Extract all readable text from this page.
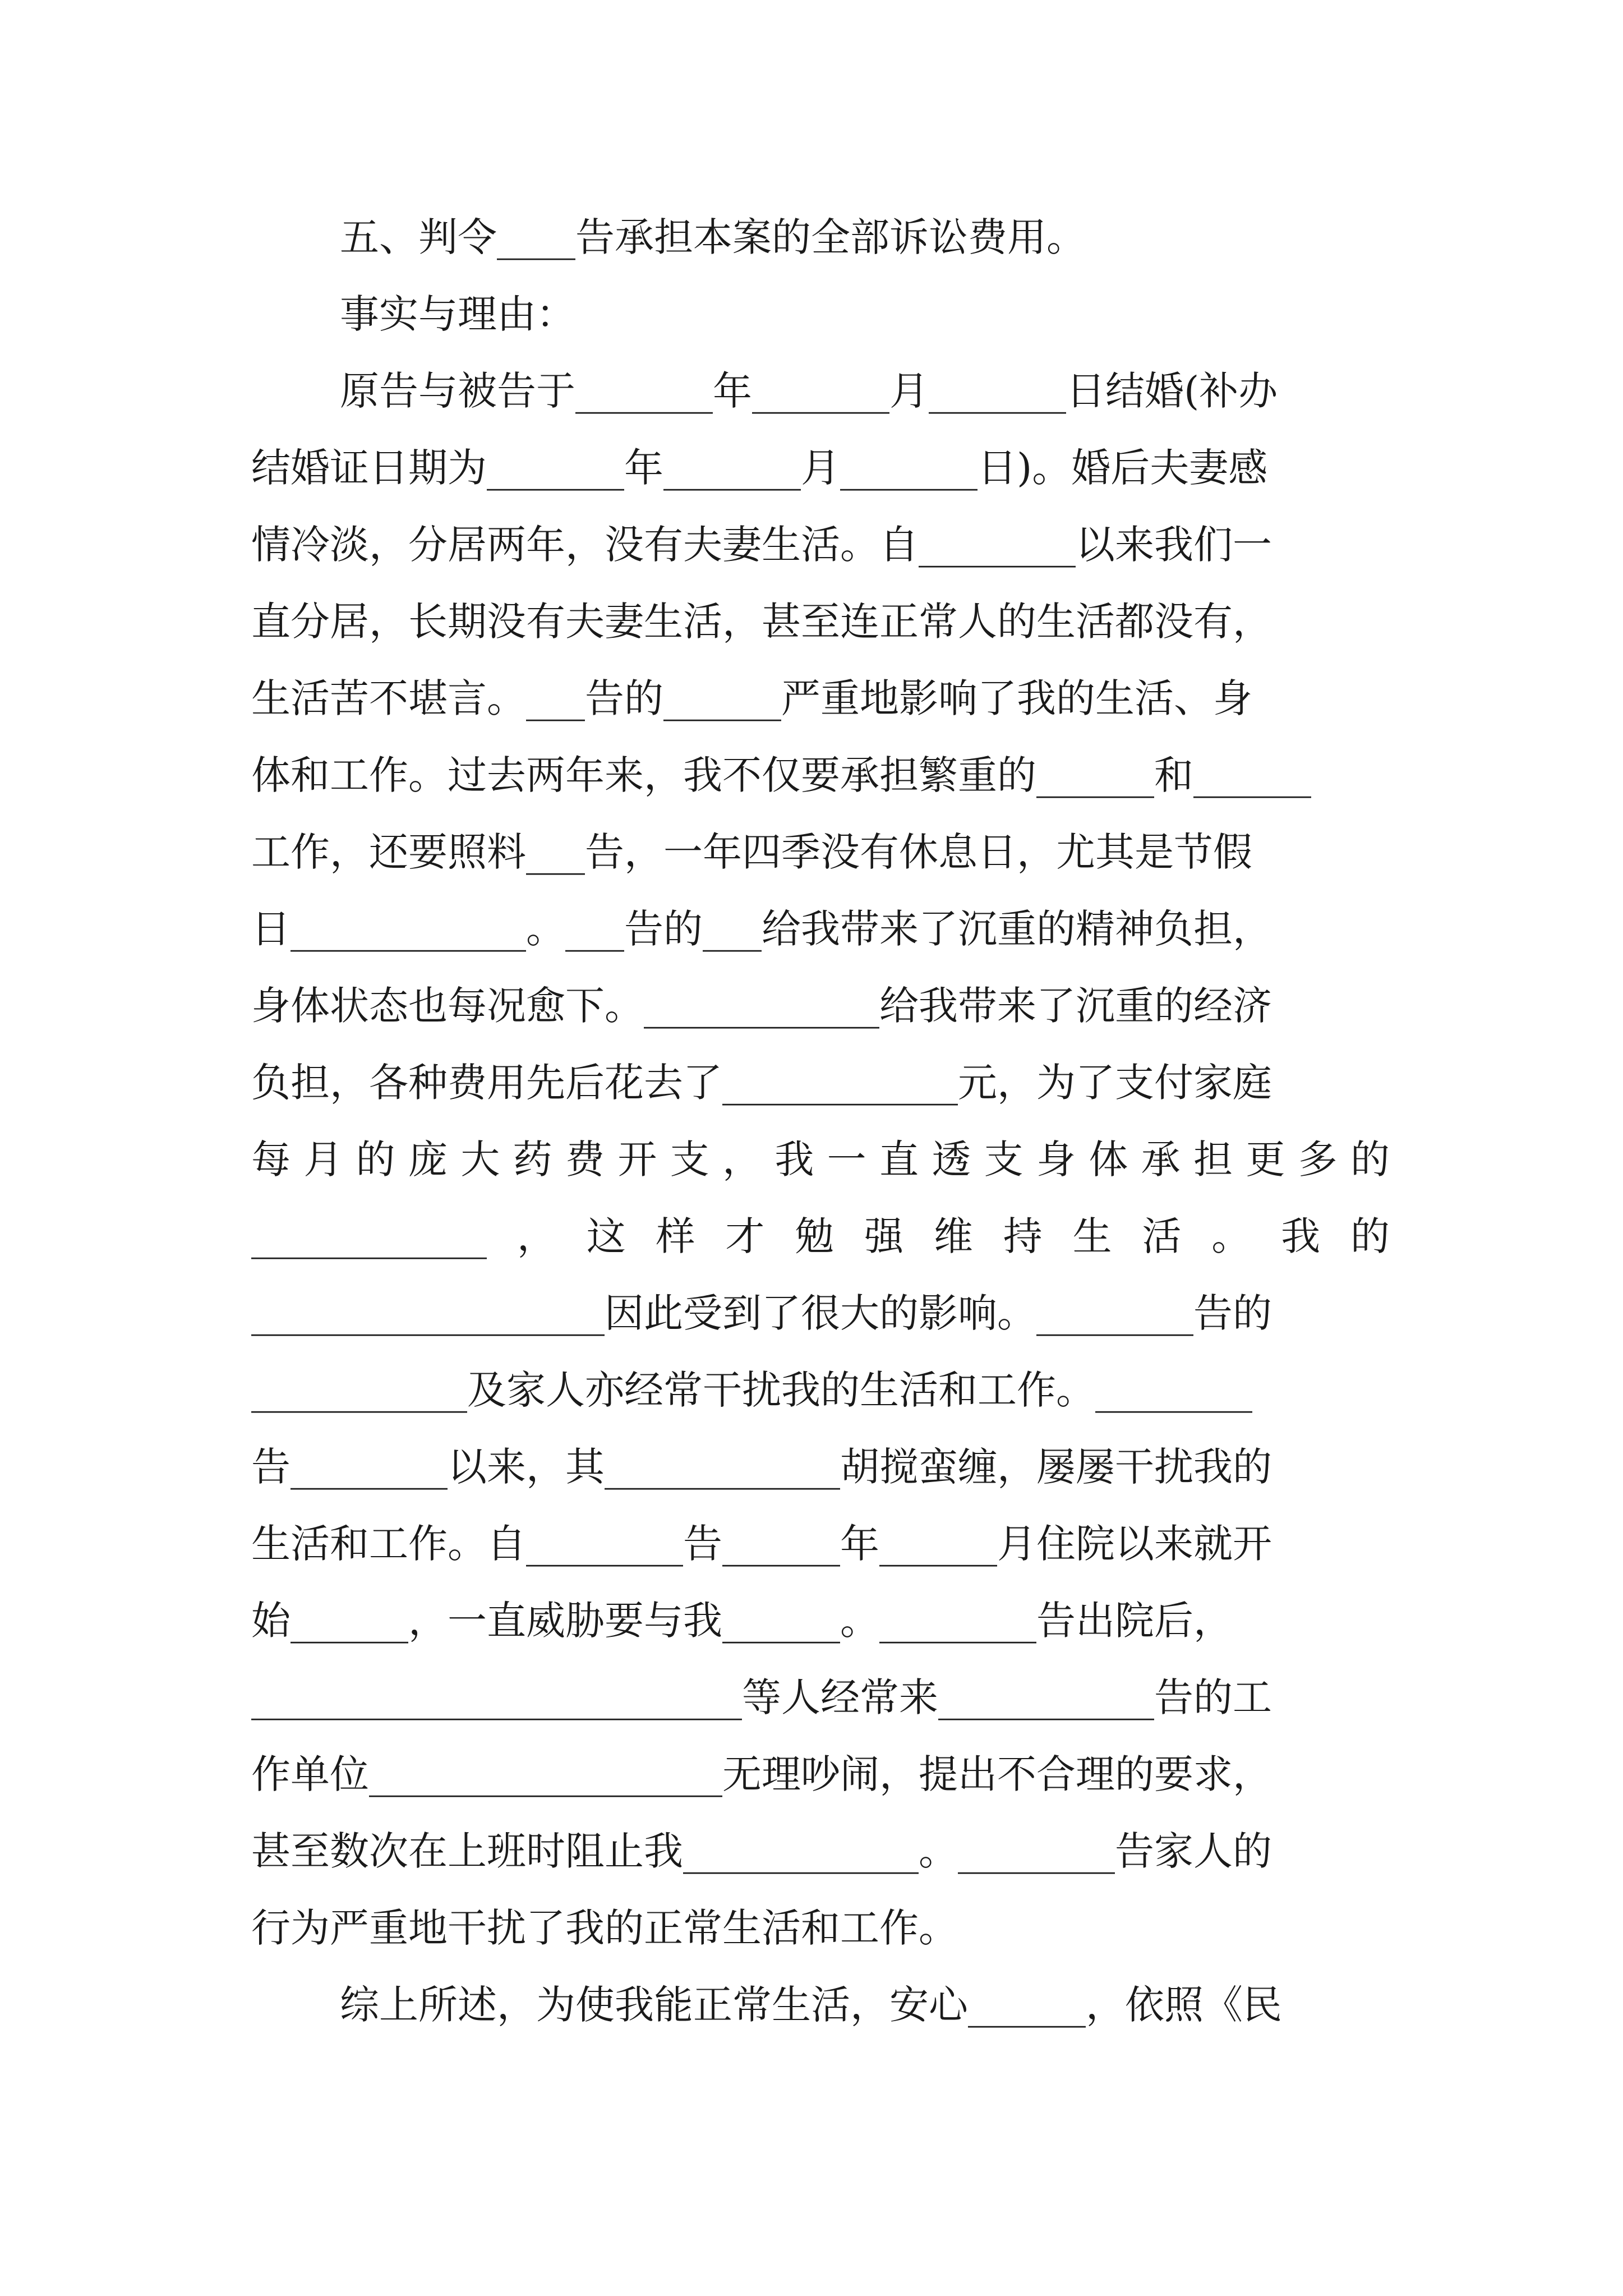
五、判令____告承担本案的全部诉讼费用。
事实与理由：
原告与被告于_______年_______月_______日结婚(补办
结婚证日期为_______年_______月_______日)。婚后夫妻感
情冷淡，分居两年，没有夫妻生活。自________以来我们一
直分居，长期没有夫妻生活，甚至连正常人的生活都没有，
生活苦不堪言。___告的______严重地影响了我的生活、身
体和工作。过去两年来，我不仅要承担繁重的______和______
工作，还要照料___告，一年四季没有休息日，尤其是节假
日____________。___告的___给我带来了沉重的精神负担，
身体状态也每况愈下。____________给我带来了沉重的经济
负担，各种费用先后花去了____________元，为了支付家庭
每月的庞大药费开支，我一直透支身体承担更多的
____________，这样才勉强维持生活。我的
__________________因此受到了很大的影响。________告的
___________及家人亦经常干扰我的生活和工作。________
告________以来，其____________胡搅蛮缠，屡屡干扰我的
生活和工作。自________告______年______月住院以来就开
始______，一直威胁要与我______。________告出院后，
_________________________等人经常来___________告的工
作单位__________________无理吵闹，提出不合理的要求，
甚至数次在上班时阻止我____________。________告家人的
行为严重地干扰了我的正常生活和工作。
综上所述，为使我能正常生活，安心______，依照《民
